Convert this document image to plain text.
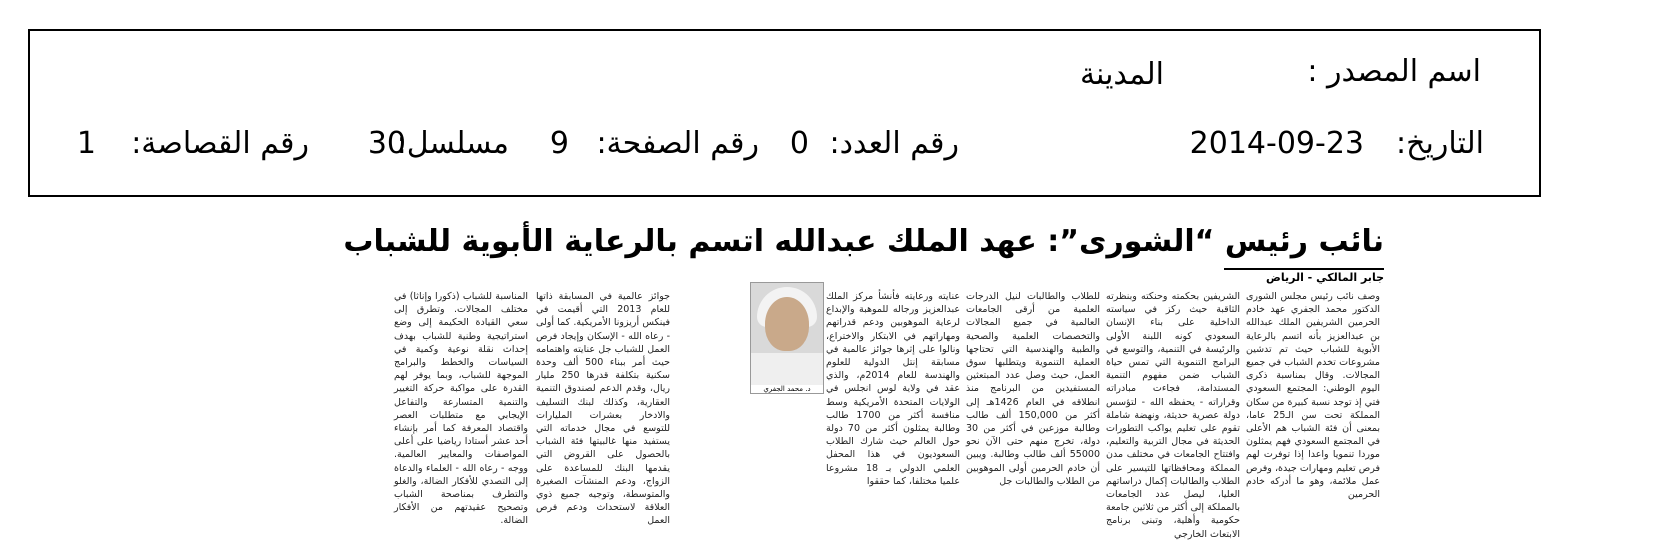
اسم المصدر :
المدينة
التاريخ:
2014-09-23
رقم العدد:
0
رقم الصفحة:
9
مسلسل:
30
رقم القصاصة:
1
نائب رئيس “الشورى”: عهد الملك عبدالله اتسم بالرعاية الأبوية للشباب
جابر المالكي - الرياض
د. محمد الجفري
وصف نائب رئيس مجلس الشورى الدكتور محمد الجفري عهد خادم الحرمين الشريفين الملك عبدالله بن عبدالعزيز بأنه اتسم بالرعاية الأبوية للشباب حيث تم تدشين مشروعات تخدم الشباب في جميع المجالات. وقال بمناسبة ذكرى اليوم الوطني: المجتمع السعودي فتي إذ توجد نسبة كبيرة من سكان المملكة تحت سن الـ25 عاما، بمعنى أن فئة الشباب هم الأعلى في المجتمع السعودي فهم يمثلون موردا تنمويا واعدا إذا توفرت لهم فرص تعليم ومهارات جيدة، وفرص عمل ملائمة، وهو ما أدركه خادم الحرمين
الشريفين بحكمته وحنكته وبنظرته الثاقبة حيث ركز في سياسته الداخلية على بناء الإنسان السعودي كونه اللبنة الأولى والرئيسة في التنمية، والتوسع في البرامج التنموية التي تمس حياة الشباب ضمن مفهوم التنمية المستدامة، فجاءت مبادراته وقراراته - يحفظه الله - لتؤسس دولة عصرية حديثة، ونهضة شاملة تقوم على تعليم يواكب التطورات الحديثة في مجال التربية والتعليم، وافتتاح الجامعات في مختلف مدن المملكة ومحافظاتها للتيسير على الطلاب والطالبات إكمال دراساتهم العليا، ليصل عدد الجامعات بالمملكة إلى أكثر من ثلاثين جامعة حكومية وأهلية، وتبنى برنامج الابتعاث الخارجي
للطلاب والطالبات لنيل الدرجات العلمية من أرقى الجامعات العالمية في جميع المجالات والتخصصات العلمية والصحية والطبية والهندسية التي تحتاجها العملية التنموية ويتطلبها سوق العمل، حيث وصل عدد المبتعثين المستفيدين من البرنامج منذ انطلاقه في العام 1426هـ إلى أكثر من 150,000 ألف طالب وطالبة موزعين في أكثر من 30 دولة، تخرج منهم حتى الآن نحو 55000 ألف طالب وطالبة. ويبين أن خادم الحرمين أولى الموهوبين من الطلاب والطالبات جل
عنايته ورعايته فأنشأ مركز الملك عبدالعزيز ورجاله للموهبة والإبداع لرعاية الموهوبين ودعم قدراتهم ومهاراتهم في الابتكار والاختراع، ونالوا على إثرها جوائز عالمية في مسابقة إنتل الدولية للعلوم والهندسة للعام 2014م، والذي عقد في ولاية لوس انجلس في الولايات المتحدة الأمريكية وسط منافسة أكثر من 1700 طالب وطالبة يمثلون أكثر من 70 دولة حول العالم حيث شارك الطلاب السعوديون في هذا المحفل العلمي الدولي بـ 18 مشروعا علميا مختلفا، كما حققوا
جوائز عالمية في المسابقة ذاتها للعام 2013 التي أقيمت في فينكس أريزونا الأمريكية. كما أولى - رعاه الله - الإسكان وإيجاد فرص العمل للشباب جل عنايته واهتمامه حيث أمر ببناء 500 ألف وحدة سكنية بتكلفة قدرها 250 مليار ريال، وقدم الدعم لصندوق التنمية العقارية، وكذلك لبنك التسليف والادخار بعشرات المليارات للتوسع في مجال خدماته التي يستفيد منها غالبيتها فئة الشباب بالحصول على القروض التي يقدمها البنك للمساعدة على الزواج، ودعم المنشآت الصغيرة والمتوسطة، وتوجيه جميع ذوي العلاقة لاستحداث ودعم فرص العمل
المناسبة للشباب (ذكورا وإناثا) في مختلف المجالات. وتطرق إلى سعي القيادة الحكيمة إلى وضع استراتيجية وطنية للشباب بهدف إحداث نقلة نوعية وكمية في السياسات والخطط والبرامج الموجهة للشباب، وبما يوفر لهم القدرة على مواكبة حركة التغيير والتنمية المتسارعة والتفاعل الإيجابي مع متطلبات العصر واقتصاد المعرفة كما أمر بإنشاء أحد عشر أستادا رياضيا على أعلى المواصفات والمعايير العالمية. ووجه - رعاه الله - العلماء والدعاة إلى التصدي للأفكار الضالة، والغلو والتطرف بمناصحة الشباب وتصحيح عقيدتهم من الأفكار الضالة.
